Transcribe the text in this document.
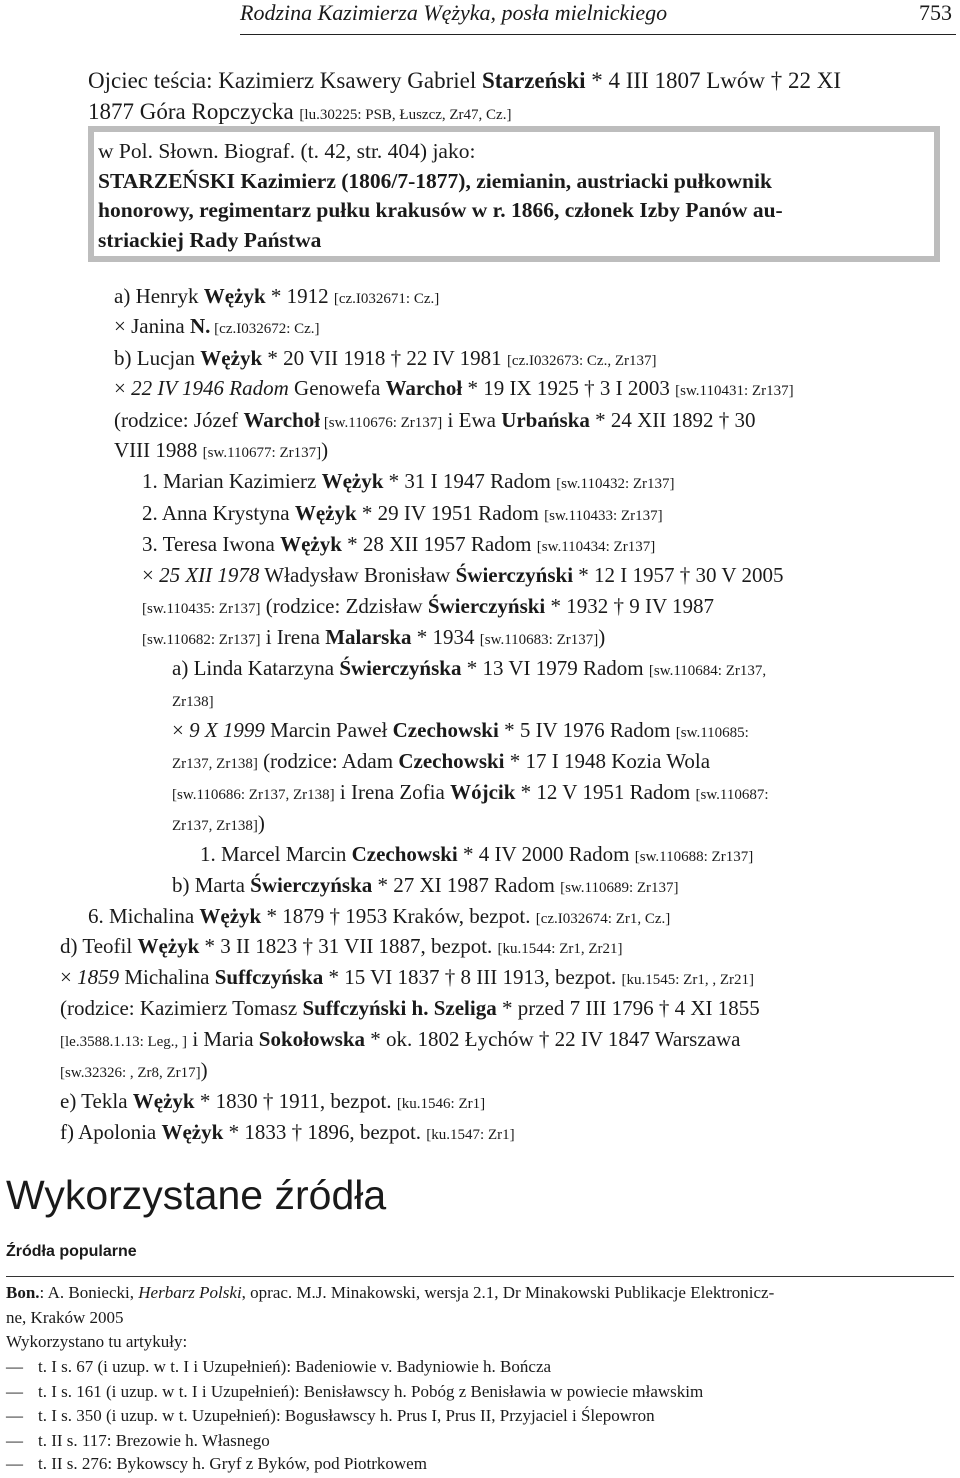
Rodzina Kazimierza Wężyka, posła mielnickiego	753
Ojciec teścia: Kazimierz Ksawery Gabriel Starzeński * 4 III 1807 Lwów † 22 XI
1877 Góra Ropczycka [lu.30225: PSB, Łuszcz, Zr47, Cz.]
w Pol. Słown. Biograf. (t. 42, str. 404) jako:
STARZEŃSKI Kazimierz (1806/7-1877), ziemianin, austriacki pułkownik
honorowy, regimentarz pułku krakusów w r. 1866, członek Izby Panów au-
striackiej Rady Państwa
a) Henryk Wężyk * 1912 [cz.I032671: Cz.]
× Janina N. [cz.I032672: Cz.]
b) Lucjan Wężyk * 20 VII 1918 † 22 IV 1981 [cz.I032673: Cz., Zr137]
× 22 IV 1946 Radom Genowefa Warchoł * 19 IX 1925 † 3 I 2003 [sw.110431: Zr137]
(rodzice: Józef Warchoł [sw.110676: Zr137] i Ewa Urbańska * 24 XII 1892 † 30
VIII 1988 [sw.110677: Zr137])
1. Marian Kazimierz Wężyk * 31 I 1947 Radom [sw.110432: Zr137]
2. Anna Krystyna Wężyk * 29 IV 1951 Radom [sw.110433: Zr137]
3. Teresa Iwona Wężyk * 28 XII 1957 Radom [sw.110434: Zr137]
× 25 XII 1978 Władysław Bronisław Świerczyński * 12 I 1957 † 30 V 2005
[sw.110435: Zr137] (rodzice: Zdzisław Świerczyński * 1932 † 9 IV 1987
[sw.110682: Zr137] i Irena Malarska * 1934 [sw.110683: Zr137])
a) Linda Katarzyna Świerczyńska * 13 VI 1979 Radom [sw.110684: Zr137,
Zr138]
× 9 X 1999 Marcin Paweł Czechowski * 5 IV 1976 Radom [sw.110685:
Zr137, Zr138] (rodzice: Adam Czechowski * 17 I 1948 Kozia Wola
[sw.110686: Zr137, Zr138] i Irena Zofia Wójcik * 12 V 1951 Radom [sw.110687:
Zr137, Zr138])
1. Marcel Marcin Czechowski * 4 IV 2000 Radom [sw.110688: Zr137]
b) Marta Świerczyńska * 27 XI 1987 Radom [sw.110689: Zr137]
6. Michalina Wężyk * 1879 † 1953 Kraków, bezpot. [cz.I032674: Zr1, Cz.]
d) Teofil Wężyk * 3 II 1823 † 31 VII 1887, bezpot. [ku.1544: Zr1, Zr21]
× 1859 Michalina Suffczyńska * 15 VI 1837 † 8 III 1913, bezpot. [ku.1545: Zr1, , Zr21]
(rodzice: Kazimierz Tomasz Suffczyński h. Szeliga * przed 7 III 1796 † 4 XI 1855
[le.3588.1.13: Leg., ] i Maria Sokołowska * ok. 1802 Łychów † 22 IV 1847 Warszawa
[sw.32326: , Zr8, Zr17])
e) Tekla Wężyk * 1830 † 1911, bezpot. [ku.1546: Zr1]
f) Apolonia Wężyk * 1833 † 1896, bezpot. [ku.1547: Zr1]
Wykorzystane źródła
Źródła popularne
Bon.: A. Boniecki, Herbarz Polski, oprac. M.J. Minakowski, wersja 2.1, Dr Minakowski Publikacje Elektronicz-
ne, Kraków 2005
Wykorzystano tu artykuły:
— t. I s. 67 (i uzup. w t. I i Uzupełnień): Badeniowie v. Badyniowie h. Bończa
— t. I s. 161 (i uzup. w t. I i Uzupełnień): Benisławscy h. Pobóg z Benisławia w powiecie mławskim
— t. I s. 350 (i uzup. w t. Uzupełnień): Bogusławscy h. Prus I, Prus II, Przyjaciel i Ślepowron
— t. II s. 117: Brezowie h. Własnego
— t. II s. 276: Bykowscy h. Gryf z Byków, pod Piotrkowem
